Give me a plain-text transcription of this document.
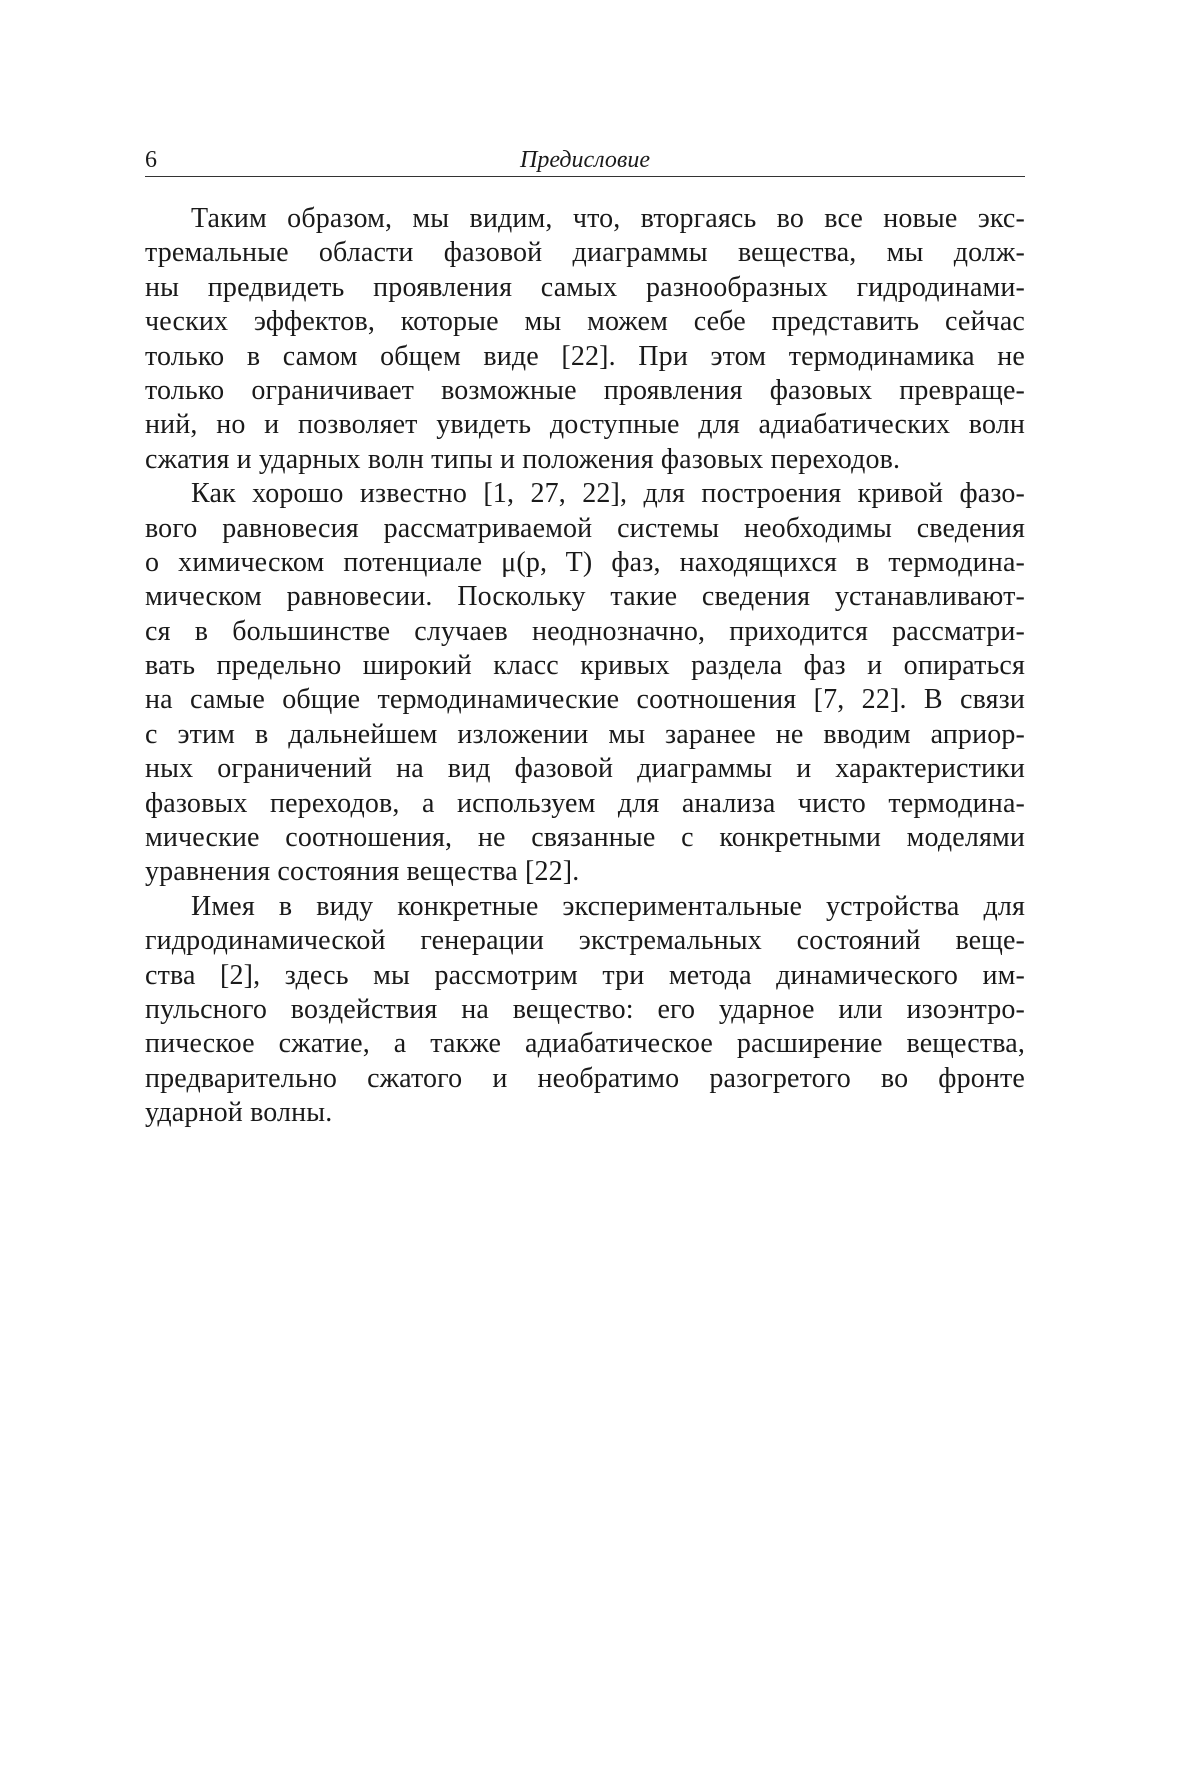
6	Предисловие
Таким образом, мы видим, что, вторгаясь во все новые экс-
тремальные области фазовой диаграммы вещества, мы долж-
ны предвидеть проявления самых разнообразных гидродинами-
ческих эффектов, которые мы можем себе представить сейчас
только в самом общем виде [22]. При этом термодинамика не
только ограничивает возможные проявления фазовых превраще-
ний, но и позволяет увидеть доступные для адиабатических волн
сжатия и ударных волн типы и положения фазовых переходов.
Как хорошо известно [1, 27, 22], для построения кривой фазо-
вого равновесия рассматриваемой системы необходимы сведения
o химическом потенциале μ(p, T) фаз, находящихся в термодина-
мическом равновесии. Поскольку такие сведения устанавливают-
ся в большинстве случаев неоднозначно, приходится рассматри-
вать предельно широкий класс кривых раздела фаз и опираться
на самые общие термодинамические соотношения [7, 22]. В связи
с этим в дальнейшем изложении мы заранее не вводим априор-
ных ограничений на вид фазовой диаграммы и характеристики
фазовых переходов, а используем для анализа чисто термодина-
мические соотношения, не связанные с конкретными моделями
уравнения состояния вещества [22].
Имея в виду конкретные экспериментальные устройства для
гидродинамической генерации экстремальных состояний веще-
ства [2], здесь мы рассмотрим три метода динамического им-
пульсного воздействия на вещество: его ударное или изоэнтро-
пическое сжатие, а также адиабатическое расширение вещества,
предварительно сжатого и необратимо разогретого во фронте
ударной волны.
